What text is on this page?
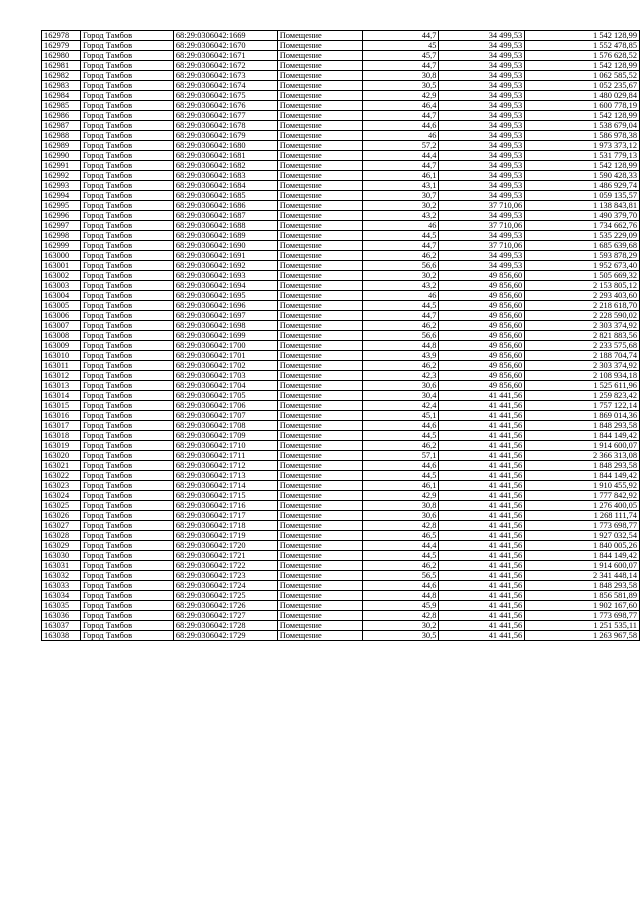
162978	Город Тамбов	68:29:0306042:1669	Помещение	44,7	34 499,53	1 542 128,99
162979	Город Тамбов	68:29:0306042:1670	Помещение	45	34 499,53	1 552 478,85
162980	Город Тамбов	68:29:0306042:1671	Помещение	45,7	34 499,53	1 576 628,52
162981	Город Тамбов	68:29:0306042:1672	Помещение	44,7	34 499,53	1 542 128,99
162982	Город Тамбов	68:29:0306042:1673	Помещение	30,8	34 499,53	1 062 585,52
162983	Город Тамбов	68:29:0306042:1674	Помещение	30,5	34 499,53	1 052 235,67
162984	Город Тамбов	68:29:0306042:1675	Помещение	42,9	34 499,53	1 480 029,84
162985	Город Тамбов	68:29:0306042:1676	Помещение	46,4	34 499,53	1 600 778,19
162986	Город Тамбов	68:29:0306042:1677	Помещение	44,7	34 499,53	1 542 128,99
162987	Город Тамбов	68:29:0306042:1678	Помещение	44,6	34 499,53	1 538 679,04
162988	Город Тамбов	68:29:0306042:1679	Помещение	46	34 499,53	1 586 978,38
162989	Город Тамбов	68:29:0306042:1680	Помещение	57,2	34 499,53	1 973 373,12
162990	Город Тамбов	68:29:0306042:1681	Помещение	44,4	34 499,53	1 531 779,13
162991	Город Тамбов	68:29:0306042:1682	Помещение	44,7	34 499,53	1 542 128,99
162992	Город Тамбов	68:29:0306042:1683	Помещение	46,1	34 499,53	1 590 428,33
162993	Город Тамбов	68:29:0306042:1684	Помещение	43,1	34 499,53	1 486 929,74
162994	Город Тамбов	68:29:0306042:1685	Помещение	30,7	34 499,53	1 059 135,57
162995	Город Тамбов	68:29:0306042:1686	Помещение	30,2	37 710,06	1 138 843,81
162996	Город Тамбов	68:29:0306042:1687	Помещение	43,2	34 499,53	1 490 379,70
162997	Город Тамбов	68:29:0306042:1688	Помещение	46	37 710,06	1 734 662,76
162998	Город Тамбов	68:29:0306042:1689	Помещение	44,5	34 499,53	1 535 229,09
162999	Город Тамбов	68:29:0306042:1690	Помещение	44,7	37 710,06	1 685 639,68
163000	Город Тамбов	68:29:0306042:1691	Помещение	46,2	34 499,53	1 593 878,29
163001	Город Тамбов	68:29:0306042:1692	Помещение	56,6	34 499,53	1 952 673,40
163002	Город Тамбов	68:29:0306042:1693	Помещение	30,2	49 856,60	1 505 669,32
163003	Город Тамбов	68:29:0306042:1694	Помещение	43,2	49 856,60	2 153 805,12
163004	Город Тамбов	68:29:0306042:1695	Помещение	46	49 856,60	2 293 403,60
163005	Город Тамбов	68:29:0306042:1696	Помещение	44,5	49 856,60	2 218 618,70
163006	Город Тамбов	68:29:0306042:1697	Помещение	44,7	49 856,60	2 228 590,02
163007	Город Тамбов	68:29:0306042:1698	Помещение	46,2	49 856,60	2 303 374,92
163008	Город Тамбов	68:29:0306042:1699	Помещение	56,6	49 856,60	2 821 883,56
163009	Город Тамбов	68:29:0306042:1700	Помещение	44,8	49 856,60	2 233 575,68
163010	Город Тамбов	68:29:0306042:1701	Помещение	43,9	49 856,60	2 188 704,74
163011	Город Тамбов	68:29:0306042:1702	Помещение	46,2	49 856,60	2 303 374,92
163012	Город Тамбов	68:29:0306042:1703	Помещение	42,3	49 856,60	2 108 934,18
163013	Город Тамбов	68:29:0306042:1704	Помещение	30,6	49 856,60	1 525 611,96
163014	Город Тамбов	68:29:0306042:1705	Помещение	30,4	41 441,56	1 259 823,42
163015	Город Тамбов	68:29:0306042:1706	Помещение	42,4	41 441,56	1 757 122,14
163016	Город Тамбов	68:29:0306042:1707	Помещение	45,1	41 441,56	1 869 014,36
163017	Город Тамбов	68:29:0306042:1708	Помещение	44,6	41 441,56	1 848 293,58
163018	Город Тамбов	68:29:0306042:1709	Помещение	44,5	41 441,56	1 844 149,42
163019	Город Тамбов	68:29:0306042:1710	Помещение	46,2	41 441,56	1 914 600,07
163020	Город Тамбов	68:29:0306042:1711	Помещение	57,1	41 441,56	2 366 313,08
163021	Город Тамбов	68:29:0306042:1712	Помещение	44,6	41 441,56	1 848 293,58
163022	Город Тамбов	68:29:0306042:1713	Помещение	44,5	41 441,56	1 844 149,42
163023	Город Тамбов	68:29:0306042:1714	Помещение	46,1	41 441,56	1 910 455,92
163024	Город Тамбов	68:29:0306042:1715	Помещение	42,9	41 441,56	1 777 842,92
163025	Город Тамбов	68:29:0306042:1716	Помещение	30,8	41 441,56	1 276 400,05
163026	Город Тамбов	68:29:0306042:1717	Помещение	30,6	41 441,56	1 268 111,74
163027	Город Тамбов	68:29:0306042:1718	Помещение	42,8	41 441,56	1 773 698,77
163028	Город Тамбов	68:29:0306042:1719	Помещение	46,5	41 441,56	1 927 032,54
163029	Город Тамбов	68:29:0306042:1720	Помещение	44,4	41 441,56	1 840 005,26
163030	Город Тамбов	68:29:0306042:1721	Помещение	44,5	41 441,56	1 844 149,42
163031	Город Тамбов	68:29:0306042:1722	Помещение	46,2	41 441,56	1 914 600,07
163032	Город Тамбов	68:29:0306042:1723	Помещение	56,5	41 441,56	2 341 448,14
163033	Город Тамбов	68:29:0306042:1724	Помещение	44,6	41 441,56	1 848 293,58
163034	Город Тамбов	68:29:0306042:1725	Помещение	44,8	41 441,56	1 856 581,89
163035	Город Тамбов	68:29:0306042:1726	Помещение	45,9	41 441,56	1 902 167,60
163036	Город Тамбов	68:29:0306042:1727	Помещение	42,8	41 441,56	1 773 698,77
163037	Город Тамбов	68:29:0306042:1728	Помещение	30,2	41 441,56	1 251 535,11
163038	Город Тамбов	68:29:0306042:1729	Помещение	30,5	41 441,56	1 263 967,58
